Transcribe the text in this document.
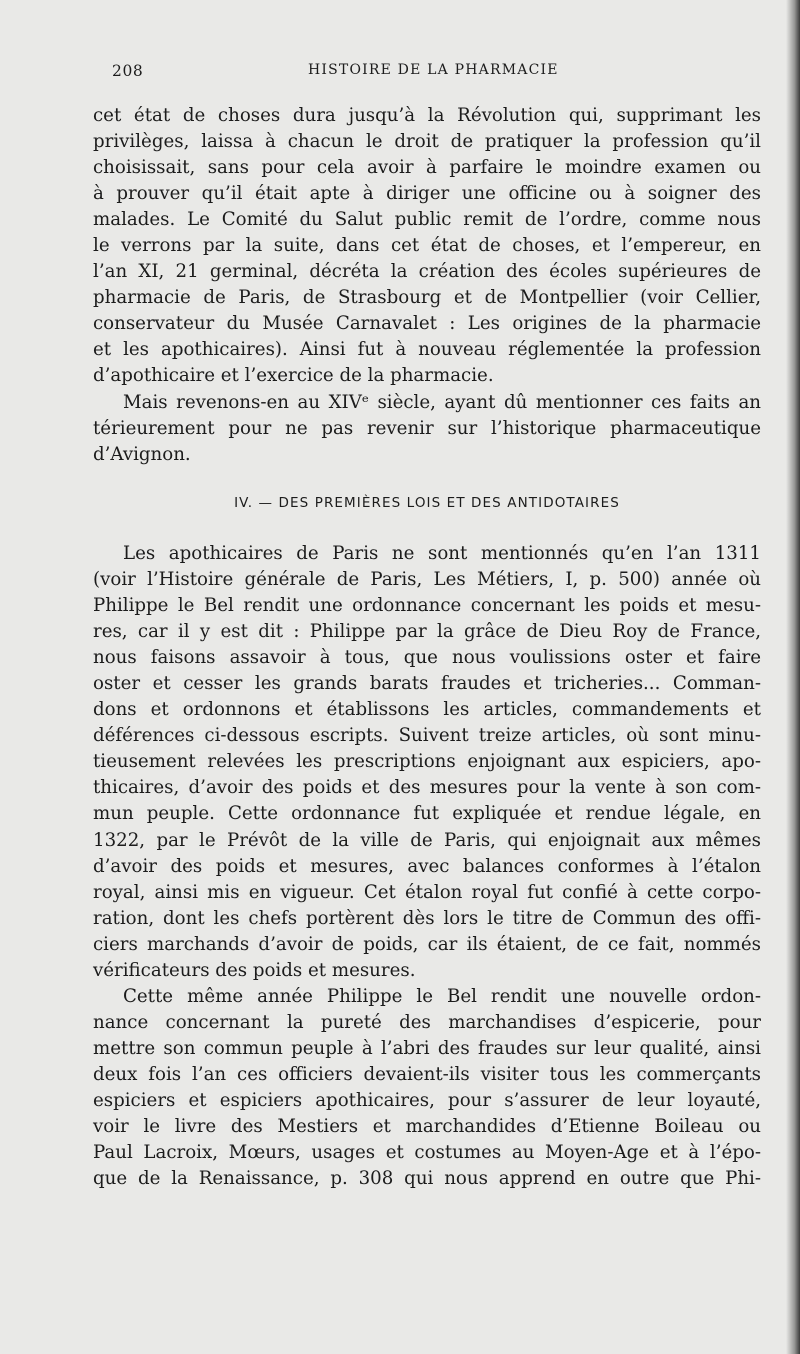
208	HISTOIRE DE LA PHARMACIE
cet état de choses dura jusqu’à la Révolution qui, supprimant les
privilèges, laissa à chacun le droit de pratiquer la profession qu’il
choisissait, sans pour cela avoir à parfaire le moindre examen ou
à prouver qu’il était apte à diriger une officine ou à soigner des
malades. Le Comité du Salut public remit de l’ordre, comme nous
le verrons par la suite, dans cet état de choses, et l’empereur, en
l’an XI, 21 germinal, décréta la création des écoles supérieures de
pharmacie de Paris, de Strasbourg et de Montpellier (voir Cellier,
conservateur du Musée Carnavalet : Les origines de la pharmacie
et les apothicaires). Ainsi fut à nouveau réglementée la profession
d’apothicaire et l’exercice de la pharmacie.
Mais revenons-en au XIVᵉ siècle, ayant dû mentionner ces faits an
térieurement pour ne pas revenir sur l’historique pharmaceutique
d’Avignon.
IV. — DES PREMIÈRES LOIS ET DES ANTIDOTAIRES
Les apothicaires de Paris ne sont mentionnés qu’en l’an 1311
(voir l’Histoire générale de Paris, Les Métiers, I, p. 500) année où
Philippe le Bel rendit une ordonnance concernant les poids et mesu-
res, car il y est dit : Philippe par la grâce de Dieu Roy de France,
nous faisons assavoir à tous, que nous voulissions oster et faire
oster et cesser les grands barats fraudes et tricheries... Comman-
dons et ordonnons et établissons les articles, commandements et
déférences ci-dessous escripts. Suivent treize articles, où sont minu-
tieusement relevées les prescriptions enjoignant aux espiciers, apo-
thicaires, d’avoir des poids et des mesures pour la vente à son com-
mun peuple. Cette ordonnance fut expliquée et rendue légale, en
1322, par le Prévôt de la ville de Paris, qui enjoignait aux mêmes
d’avoir des poids et mesures, avec balances conformes à l’étalon
royal, ainsi mis en vigueur. Cet étalon royal fut confié à cette corpo-
ration, dont les chefs portèrent dès lors le titre de Commun des offi-
ciers marchands d’avoir de poids, car ils étaient, de ce fait, nommés
vérificateurs des poids et mesures.
Cette même année Philippe le Bel rendit une nouvelle ordon-
nance concernant la pureté des marchandises d’espicerie, pour
mettre son commun peuple à l’abri des fraudes sur leur qualité, ainsi
deux fois l’an ces officiers devaient-ils visiter tous les commerçants
espiciers et espiciers apothicaires, pour s’assurer de leur loyauté,
voir le livre des Mestiers et marchandides d’Etienne Boileau ou
Paul Lacroix, Mœurs, usages et costumes au Moyen-Age et à l’épo-
que de la Renaissance, p. 308 qui nous apprend en outre que Phi-
